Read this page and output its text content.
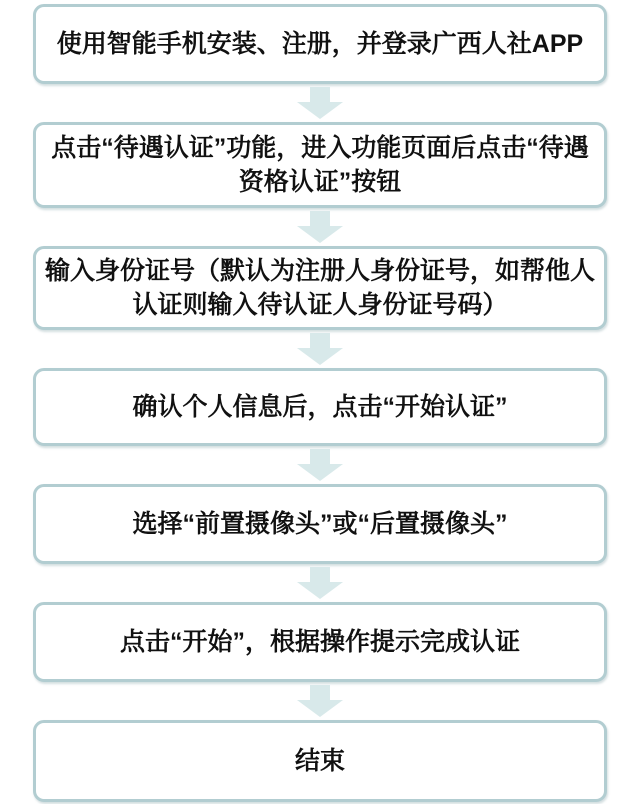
使用智能手机安装、注册，并登录广西人社APP
点击“待遇认证”功能，进入功能页面后点击“待遇
资格认证”按钮
输入身份证号（默认为注册人身份证号，如帮他人
认证则输入待认证人身份证号码）
确认个人信息后，点击“开始认证”
选择“前置摄像头”或“后置摄像头”
点击“开始”，根据操作提示完成认证
结束
